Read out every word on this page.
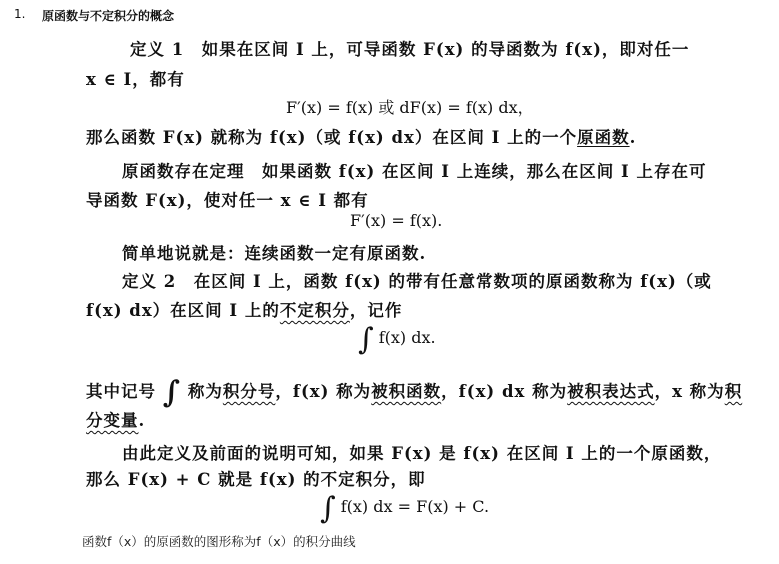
1. 原函数与不定积分的概念
定义 1　如果在区间 I 上，可导函数 F(x) 的导函数为 f(x)，即对任一
x ∈ I，都有
F′(x) = f(x) 或 dF(x) = f(x) dx，
那么函数 F(x) 就称为 f(x)（或 f(x) dx）在区间 I 上的一个原函数.
原函数存在定理　如果函数 f(x) 在区间 I 上连续，那么在区间 I 上存在可
导函数 F(x)，使对任一 x ∈ I 都有
F′(x) = f(x).
简单地说就是：连续函数一定有原函数.
定义 2　在区间 I 上，函数 f(x) 的带有任意常数项的原函数称为 f(x)（或
f(x) dx）在区间 I 上的不定积分，记作
∫ f(x) dx.
其中记号 ∫ 称为积分号，f(x) 称为被积函数，f(x) dx 称为被积表达式，x 称为积
分变量.
由此定义及前面的说明可知，如果 F(x) 是 f(x) 在区间 I 上的一个原函数，
那么 F(x) + C 就是 f(x) 的不定积分，即
∫ f(x) dx = F(x) + C.
函数f（x）的原函数的图形称为f（x）的积分曲线
